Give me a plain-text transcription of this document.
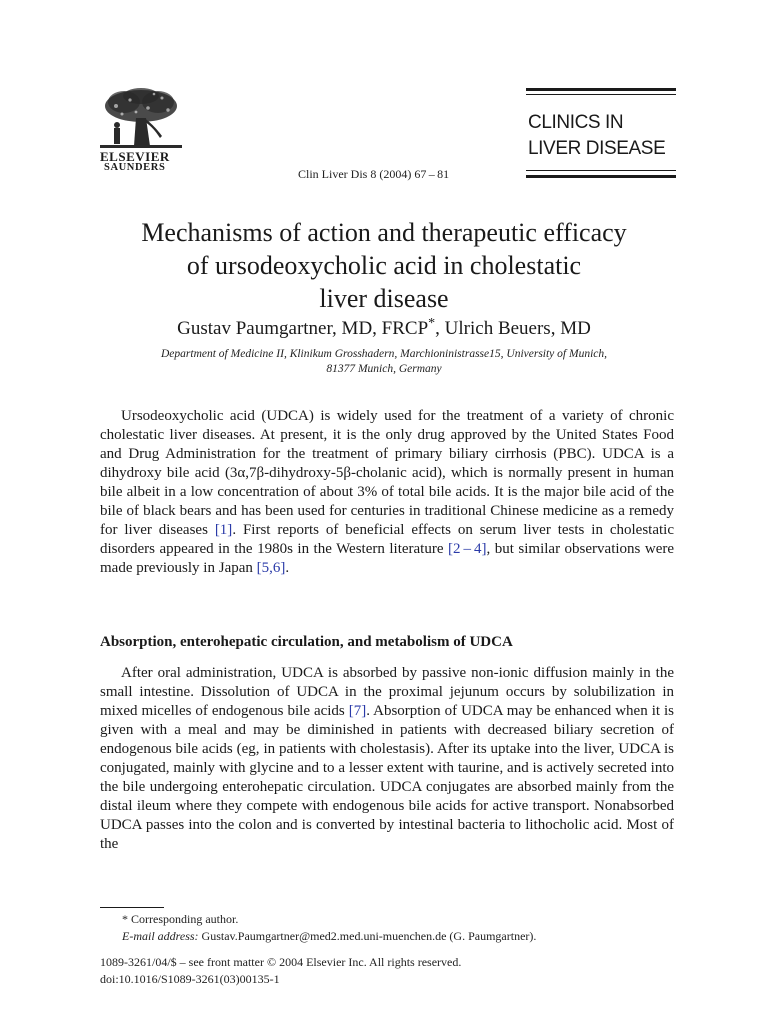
ELSEVIER
SAUNDERS	Clin Liver Dis 8 (2004) 67 – 81
CLINICS IN
LIVER DISEASE
Mechanisms of action and therapeutic efficacy
of ursodeoxycholic acid in cholestatic
liver disease
Gustav Paumgartner, MD, FRCP*, Ulrich Beuers, MD
Department of Medicine II, Klinikum Grosshadern, Marchioninistrasse15, University of Munich,
81377 Munich, Germany
Ursodeoxycholic acid (UDCA) is widely used for the treatment of a variety of chronic cholestatic liver diseases. At present, it is the only drug approved by the United States Food and Drug Administration for the treatment of primary biliary cirrhosis (PBC). UDCA is a dihydroxy bile acid (3α,7β-dihydroxy-5β-cholanic acid), which is normally present in human bile albeit in a low concentration of about 3% of total bile acids. It is the major bile acid of the bile of black bears and has been used for centuries in traditional Chinese medicine as a remedy for liver diseases [1]. First reports of beneficial effects on serum liver tests in cholestatic disorders appeared in the 1980s in the Western literature [2 – 4], but similar observations were made previously in Japan [5,6].
Absorption, enterohepatic circulation, and metabolism of UDCA
After oral administration, UDCA is absorbed by passive non-ionic diffusion mainly in the small intestine. Dissolution of UDCA in the proximal jejunum occurs by solubilization in mixed micelles of endogenous bile acids [7]. Absorption of UDCA may be enhanced when it is given with a meal and may be diminished in patients with decreased biliary secretion of endogenous bile acids (eg, in patients with cholestasis). After its uptake into the liver, UDCA is conjugated, mainly with glycine and to a lesser extent with taurine, and is actively secreted into the bile undergoing enterohepatic circulation. UDCA conjugates are absorbed mainly from the distal ileum where they compete with endogenous bile acids for active transport. Nonabsorbed UDCA passes into the colon and is converted by intestinal bacteria to lithocholic acid. Most of the
* Corresponding author.
E-mail address: Gustav.Paumgartner@med2.med.uni-muenchen.de (G. Paumgartner).
1089-3261/04/$ – see front matter © 2004 Elsevier Inc. All rights reserved.
doi:10.1016/S1089-3261(03)00135-1
